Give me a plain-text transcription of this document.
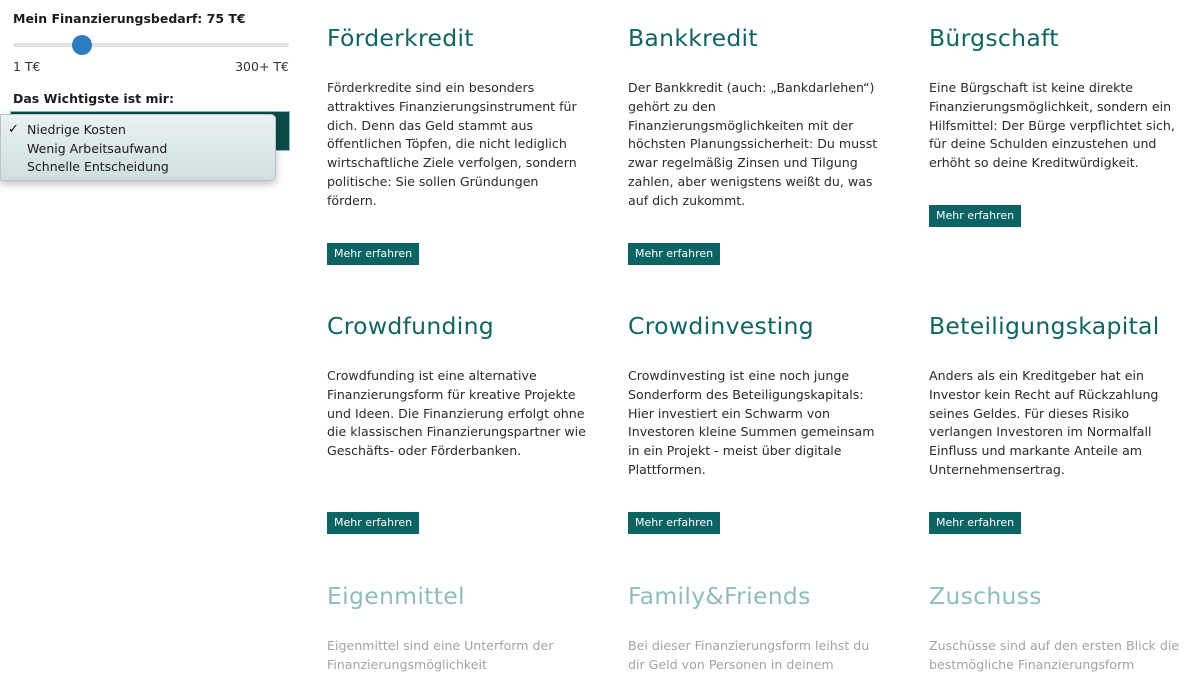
Mein Finanzierungsbedarf: 75 T€

1 T€	300+ T€

Das Wichtigste ist mir:

✓ Niedrige Kosten
Wenig Arbeitsaufwand
Schnelle Entscheidung
Förderkredit

Förderkredite sind ein besonders attraktives Finanzierungsinstrument für dich. Denn das Geld stammt aus öffentlichen Töpfen, die nicht lediglich wirtschaftliche Ziele verfolgen, sondern politische: Sie sollen Gründungen fördern.

Mehr erfahren
Bankkredit

Der Bankkredit (auch: „Bankdarlehen“) gehört zu den Finanzierungsmöglichkeiten mit der höchsten Planungssicherheit: Du musst zwar regelmäßig Zinsen und Tilgung zahlen, aber wenigstens weißt du, was auf dich zukommt.

Mehr erfahren
Bürgschaft

Eine Bürgschaft ist keine direkte Finanzierungsmöglichkeit, sondern ein Hilfsmittel: Der Bürge verpflichtet sich, für deine Schulden einzustehen und erhöht so deine Kreditwürdigkeit.

Mehr erfahren
Crowdfunding

Crowdfunding ist eine alternative Finanzierungsform für kreative Projekte und Ideen. Die Finanzierung erfolgt ohne die klassischen Finanzierungspartner wie Geschäfts- oder Förderbanken.

Mehr erfahren
Crowdinvesting

Crowdinvesting ist eine noch junge Sonderform des Beteiligungskapitals: Hier investiert ein Schwarm von Investoren kleine Summen gemeinsam in ein Projekt - meist über digitale Plattformen.

Mehr erfahren
Beteiligungskapital

Anders als ein Kreditgeber hat ein Investor kein Recht auf Rückzahlung seines Geldes. Für dieses Risiko verlangen Investoren im Normalfall Einfluss und markante Anteile am Unternehmensertrag.

Mehr erfahren
Eigenmittel

Eigenmittel sind eine Unterform der Finanzierungsmöglichkeit

Family&Friends

Bei dieser Finanzierungsform leihst du dir Geld von Personen in deinem

Zuschuss

Zuschüsse sind auf den ersten Blick die bestmögliche Finanzierungsform
